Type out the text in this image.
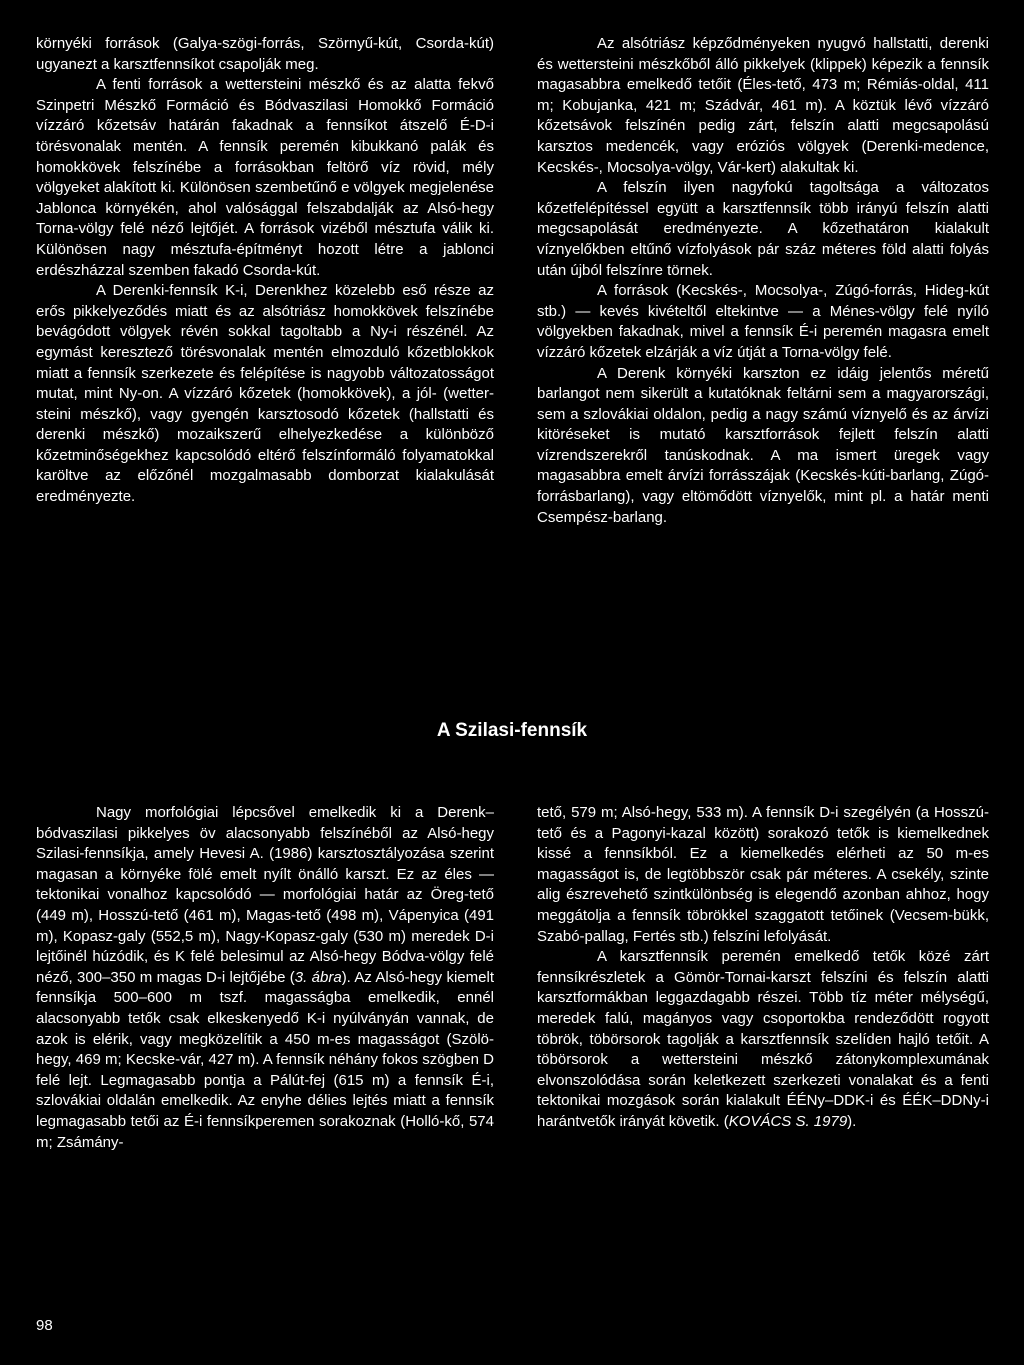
környéki források (Galya-szögi-forrás, Szörnyű-kút, Csorda-kút) ugyanezt a karsztfennsíkot csapolják meg.

A fenti források a wettersteini mészkő és az alatta fekvő Szinpetri Mészkő Formáció és Bódvaszilasi Homokkő Formáció vízzáró kőzetsáv határán fakadnak a fennsíkot átszelő É-D-i törésvonalak mentén. A fennsík peremén kibukkanó palák és homokkövek felszínébe a forrásokban feltörő víz rövid, mély völgyeket alakított ki. Különösen szembetűnő e völgyek megjelenése Jablonca környékén, ahol valósággal felszabdalják az Alsó-hegy Torna-völgy felé néző lejtőjét. A források vizéből mésztufa válik ki. Különösen nagy mésztufa-építményt hozott létre a jablonci erdészházzal szemben fakadó Csorda-kút.

A Derenki-fennsík K-i, Derenkhez közelebb eső része az erős pikkelyeződés miatt és az alsótriász homokkövek felszínébe bevágódott völgyek révén sokkal tagoltabb a Ny-i részénél. Az egymást keresztező törésvonalak mentén elmozduló kőzetblokkok miatt a fennsík szerkezete és felépítése is nagyobb változatosságot mutat, mint Ny-on. A vízzáró kőzetek (homokkövek), a jól- (wetter-steini mészkő), vagy gyengén karsztosodó kőzetek (hallstatti és derenki mészkő) mozaikszerű elhelyezkedése a különböző kőzetminőségekhez kapcsolódó eltérő felszínformáló folyamatokkal karöltve az előzőnél mozgalmasabb domborzat kialakulását eredményezte.

Az alsótriász képződményeken nyugvó hallstatti, derenki és wettersteini mészkőből álló pikkelyek (klippek) képezik a fennsík magasabbra emelkedő tetőit (Éles-tető, 473 m; Rémiás-oldal, 411 m; Kobujanka, 421 m; Szádvár, 461 m). A köztük lévő vízzáró kőzetsávok felszínén pedig zárt, felszín alatti megcsapolású karsztos medencék, vagy eróziós völgyek (Derenki-medence, Kecskés-, Mocsolya-völgy, Vár-kert) alakultak ki.

A felszín ilyen nagyfokú tagoltsága a változatos kőzetfelépítéssel együtt a karsztfennsík több irányú felszín alatti megcsapolását eredményezte. A kőzethatáron kialakult víznyelőkben eltűnő vízfolyások pár száz méteres föld alatti folyás után újból felszínre törnek.

A források (Kecskés-, Mocsolya-, Zúgó-forrás, Hideg-kút stb.) — kevés kivételtől eltekintve — a Ménes-völgy felé nyíló völgyekben fakadnak, mivel a fennsík É-i peremén magasra emelt vízzáró kőzetek elzárják a víz útját a Torna-völgy felé.

A Derenk környéki karszton ez idáig jelentős méretű barlangot nem sikerült a kutatóknak feltárni sem a magyarországi, sem a szlovákiai oldalon, pedig a nagy számú víznyelő és az árvízi kitöréseket is mutató karsztforrások fejlett felszín alatti vízrendszerekről tanúskodnak. A ma ismert üregek vagy magasabbra emelt árvízi forrásszájak (Kecskés-kúti-barlang, Zúgó-forrásbarlang), vagy eltömődött víznyelők, mint pl. a határ menti Csempész-barlang.

A Szilasi-fennsík

Nagy morfológiai lépcsővel emelkedik ki a Derenk–bódvaszilasi pikkelyes öv alacsonyabb felszínéből az Alsó-hegy Szilasi-fennsíkja, amely Hevesi A. (1986) karsztosztályozása szerint magasan a környéke fölé emelt nyílt önálló karszt. Ez az éles — tektonikai vonalhoz kapcsolódó — morfológiai határ az Öreg-tető (449 m), Hosszú-tető (461 m), Magas-tető (498 m), Vápenyica (491 m), Kopasz-galy (552,5 m), Nagy-Kopasz-galy (530 m) meredek D-i lejtőinél húzódik, és K felé belesimul az Alsó-hegy Bódva-völgy felé néző, 300–350 m magas D-i lejtőjébe (3. ábra). Az Alsó-hegy kiemelt fennsíkja 500–600 m tszf. magasságba emelkedik, ennél alacsonyabb tetők csak elkeskenyedő K-i nyúlványán vannak, de azok is elérik, vagy megközelítik a 450 m-es magasságot (Szölö-hegy, 469 m; Kecske-vár, 427 m). A fennsík néhány fokos szögben D felé lejt. Legmagasabb pontja a Pálút-fej (615 m) a fennsík É-i, szlovákiai oldalán emelkedik. Az enyhe délies lejtés miatt a fennsík legmagasabb tetői az É-i fennsíkperemen sorakoznak (Holló-kő, 574 m; Zsámány-

tető, 579 m; Alsó-hegy, 533 m). A fennsík D-i szegélyén (a Hosszú-tető és a Pagonyi-kazal között) sorakozó tetők is kiemelkednek kissé a fennsíkból. Ez a kiemelkedés elérheti az 50 m-es magasságot is, de legtöbbször csak pár méteres. A csekély, szinte alig észrevehető szintkülönbség is elegendő azonban ahhoz, hogy meggátolja a fennsík töbrökkel szaggatott tetőinek (Vecsem-bükk, Szabó-pallag, Fertés stb.) felszíni lefolyását.

A karsztfennsík peremén emelkedő tetők közé zárt fennsíkrészletek a Gömör-Tornai-karszt felszíni és felszín alatti karsztformákban leggazdagabb részei. Több tíz méter mélységű, meredek falú, magányos vagy csoportokba rendeződött rogyott töbrök, töbörsorok tagolják a karsztfennsík szelíden hajló tetőit. A töbörsorok a wettersteini mészkő zátonykomplexumának elvonszolódása során keletkezett szerkezeti vonalakat és a fenti tektonikai mozgások során kialakult ÉÉNy–DDK-i és ÉÉK–DDNy-i harántvetők irányát követik. (KOVÁCS S. 1979).

98
